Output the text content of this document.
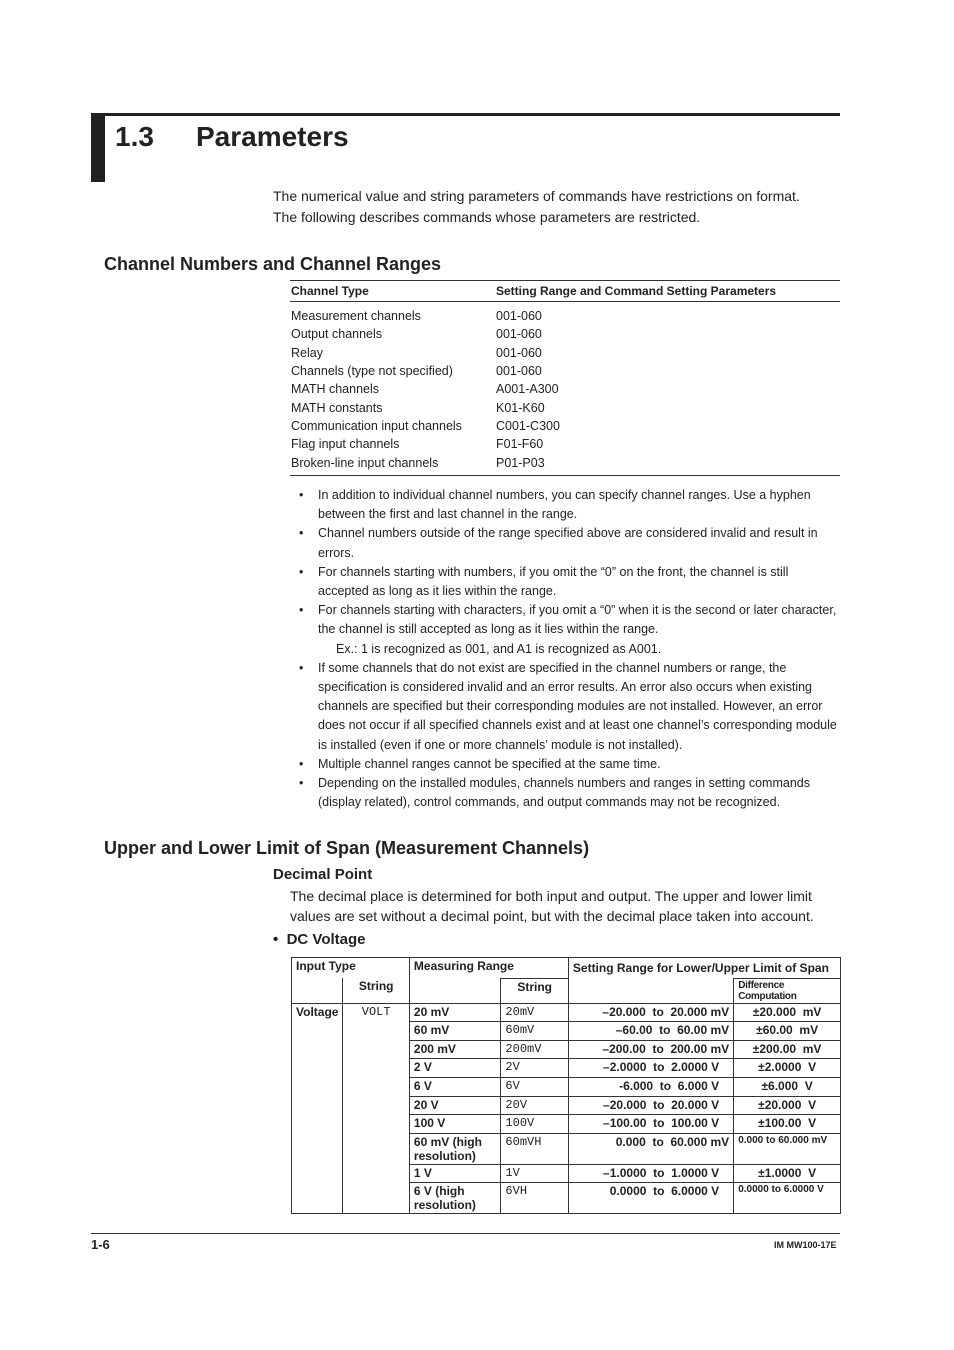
1.3 Parameters
The numerical value and string parameters of commands have restrictions on format.
The following describes commands whose parameters are restricted.
Channel Numbers and Channel Ranges
Channel Type	Setting Range and Command Setting Parameters
Measurement channels	001-060
Output channels	001-060
Relay	001-060
Channels (type not specified)	001-060
MATH channels	A001-A300
MATH constants	K01-K60
Communication input channels	C001-C300
Flag input channels	F01-F60
Broken-line input channels	P01-P03
• In addition to individual channel numbers, you can specify channel ranges. Use a hyphen between the first and last channel in the range.
• Channel numbers outside of the range specified above are considered invalid and result in errors.
• For channels starting with numbers, if you omit the “0” on the front, the channel is still accepted as long as it lies within the range.
• For channels starting with characters, if you omit a “0” when it is the second or later character, the channel is still accepted as long as it lies within the range.
Ex.: 1 is recognized as 001, and A1 is recognized as A001.
• If some channels that do not exist are specified in the channel numbers or range, the specification is considered invalid and an error results. An error also occurs when existing channels are specified but their corresponding modules are not installed. However, an error does not occur if all specified channels exist and at least one channel’s corresponding module is installed (even if one or more channels’ module is not installed).
• Multiple channel ranges cannot be specified at the same time.
• Depending on the installed modules, channels numbers and ranges in setting commands (display related), control commands, and output commands may not be recognized.
Upper and Lower Limit of Span (Measurement Channels)
Decimal Point
The decimal place is determined for both input and output. The upper and lower limit values are set without a decimal point, but with the decimal place taken into account.
•  DC Voltage
Input Type		Measuring Range		Setting Range for Lower/Upper Limit of Span	
	String		String		Difference Computation
Voltage	VOLT	20 mV	20mV	–20.000 to 20.000 mV	±20.000  mV
		60 mV	60mV	–60.00 to 60.00 mV	±60.00  mV
		200 mV	200mV	–200.00 to 200.00 mV	±200.00  mV
		2 V	2V	–2.0000 to 2.0000 V	±2.0000  V
		6 V	6V	-6.000 to 6.000 V	±6.000  V
		20 V	20V	–20.000 to 20.000 V	±20.000  V
		100 V	100V	–100.00 to 100.00 V	±100.00  V
		60 mV (high resolution)	60mVH	0.000 to 60.000 mV	0.000 to 60.000 mV
		1 V	1V	–1.0000 to 1.0000 V	±1.0000  V
		6 V (high resolution)	6VH	0.0000 to 6.0000 V	0.0000 to 6.0000 V
1-6	IM MW100-17E
